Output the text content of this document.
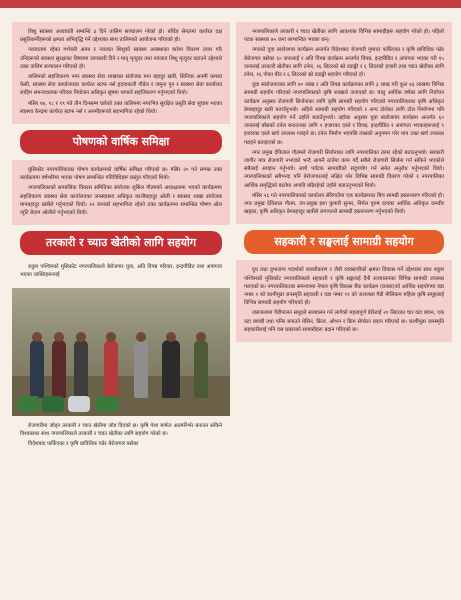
शिशु स्वास्थ्य अध्यावती सम्बन्धि ३ दिने तालिम सञ्चालन गरेको हो। बर्थिङ सेन्टरमा कार्यरत दक्ष प्रसुतिकर्मीहरूको क्षमता अभिवृद्धि गर्ने उद्देश्यका साथ तालिमको आयोजना गरिएको हो।

नवजातमा रहेका गर्भवती आमा र नवजात शिशुको स्वास्थ्य अवस्थाका बारेमा विवरण तयार गरि उनिहरूको स्वास्थ्य सुरक्षाका विषयमा जानकारी दिने र मातृ मृत्युदर तथा नवजात शिशु मृत्युदर घटाउने उद्देश्यले उक्त तालिम सञ्चालन गरिएको हो।

तालिमको सहजिकरण नगर स्वास्थ्य सेवा शाखाका संयोजक मान बहादुर खत्री, सिनियर अनमी कमला केसी, स्वास्थ्य सेवा कार्यालयका कार्यरत स्टाफ नर्स हृदयाकली गौडेल र जमुना पुन र स्वास्थ्य सेवा कार्यालय लाहिम समन्वयात्मक परिवार नियोजन अधिकृत सुषमा थापाले सहजिकरण गर्नुभएको थियो।

मंसिर १७, १८ र १९ गते तीन दिनसम्म चलेको उक्त तालिममा नगरभित्र सुरक्षित प्रसूति सेवा सुचारु भएका स्वास्थ्य केन्द्रमा कार्यरत स्टाफ नर्स र अनमीहरूको सहभागिता रहेको थियो।

पोषणको वार्षिक समिक्षा

मुसिकोट नगरपालिकाका पोषण कार्यक्रमको वार्षिक समिक्षा गरिएको छ। मंसिर २० गते सम्पन्न उक्त कार्यक्रममा वर्षभरिमा भएका पोषण सम्बन्धित गतिविधिहरू प्रस्तुत गरिएको थियो।

नगरपालिकाको सामाजिक विकास समितिका संयोजक शुसिल गौतमको अध्यक्षतामा भएको कार्यक्रममा सहजिकरण स्वास्थ्य सेवा कार्यालयका जनस्वास्थ्य अधिकृत कालीबहादुर ओली र स्वास्थ्य शाखा संयोजक मानबहादुर खत्रीले गर्नुभएको थियो। २२ जनाको सहभागिता रहेको उक्त कार्यक्रममा सम्बन्धित पोषण ओल न्युटि बेदाम ओलीले गर्नुभएको थियो।

तरकारी र च्याउ खेतीको लागि सहयोग

रुकुम पश्चिमको मुसिकोट नगरपालिकाले बेरोजगार युवा, अति विपन्न परिवार, इन्द्रपीडित तथा अपांगता भएका व्यक्तिहरूलाई

रोजगारीमा जोड्न तरकारी र च्याउ खेतीमा जोड दिएको छ। कृषि पेशा मार्फत आत्मनिर्भर बनाउन सकिने विश्वासका साथ नगरपालिकाले तरकारी र च्याउ खेतीका लागि सहयोग गरेको छ।

विदेशबाट फर्किएका र कृषि प्राविधिक पढेर बेरोजगार बसेका

नगरपालिकाले तरकारी र च्याउ खेतीका लागि आवश्यक विभिन्न सामाग्रीहरू सहयोग गरेको हो। पहिलो पटक स्वस्थ्यर ७५ जना लाभान्वित भएका छन्।

नगरको युवा स्वरोजगार कार्यक्रम अन्तर्गत विदेशबाट रोजगारी गुमाएर फर्किएका र कृषि प्राविधिक पढेर बेरोजगार बसेका ६० जनालाई र अति विपन्न कार्यक्रम अन्तर्गत विपन्न, इन्द्रपीडित र अपांगता भएका गरी १५ जनालाई तरकारी खेतीका लागि टनेल, १६ लिटरको स्प्रे ट्याङ्की र ६ लिटरको हजारी तथा च्याउ खेतीका लागि टनेल, १६ पोका बीउ र ६ लिटरको स्प्रे ट्याङ्की सहयोग गरिएको हो।

युवा स्वरोजगारका लागि ४० लाख र अति विपन्न कार्यक्रमका लागि ३ लाख गरी कुल ४३ लाखमा विभिन्न सामाग्री सहयोग गरिएको नगरपालिकाको कृषि शाखाले जनाएको छ। चालु आर्थिक वर्षका लागि निर्वाचन कार्यक्रम अनुसार रोजगारी सिर्जनाका लागि कृषि सामाग्री सहयोग गरिएको नगरपालिकाका कृषि अधिकृत प्रेमबहादुर खत्री बताउँनुभयो। अहिले सामाग्री सहयोग गरिएको र अन्य टोलेका लागि टोल निर्माणमा पनि नगरपालिकाले सहयोग गर्ने उहाँले बताउँनुभयो। उहाँका अनुसार युवा स्वरोजगार कार्यक्रम अन्तर्गत ६० जनालाई बाँसको टनेल बनाउनका लागि ९ हजारका दरले र विपन्न, इन्द्रपीडित र अपांगता भएकाहरूलाई ९ हजारका दरले खर्च उपलब्ध गराइने छ। टनेल निर्माण भएपछि त्यसको अनुगमन गरेर मात्र उक्त खर्च उपलब्ध गराइने बताइएको छ।

नगर प्रमुख देविलाल गौतमले रोजगारी सिर्जनाका लागि नगरपालिका तत्पर रहेको बताउनुभयो। सरकारी जागीर मात्र रोजगारी नभएको भन्दै आफ्नै ठाउँमा काम गर्दै सबैले रोजगारी सिर्जना गर्न सकिने भएकोले सबैलाई आव्हान गर्नुभयो। साथै पर्यटक सामाग्रीको सदुपयोग गर्न समेत अनुरोध गर्नुभएको थियो। नगरपालिकाको सबैभन्दा पनि बेरोजगारलाई लक्षित गरेर विभिन्न सामाग्री वितरण गरेको र नगरपालिका आर्थिक समृद्धिको बाटोमा अगाडि बढिरहेको उहाँले बताउनुभएको थियो।

मंसिर २६ गते नगरपालिकाको कार्यालय सेरिगाउँमा एक कार्यक्रमका बिच सामग्री हस्तान्तरण गरिएको हो। नगर प्रमुख देविलाल गौतम, उप-प्रमुख इशा कुमारी सुनार, निर्मल पुरुष दायका आर्थिक अधिकृत जनवीर खड्का, कृषि अधिकृत प्रेमबहादुर खत्रीले लगायतले सामाग्री हस्तान्तरण गर्नुभएको थियो।

सहकारी र सङ्घलाई सामाग्री सहयोग

दुध तथा दुग्धजन्य पदार्थको बजारीकरण र जैवी व्यवसायीको क्षमता विकास गर्ने उद्देश्यका साथ रुकुम पश्चिमको मुसिकोट नगरपालिकाले सहकारी र कृषि सङ्घलाई दैनी सञ्चालनका विभिन्न सामाग्री उपलब्ध गराएको छ। नगरपालिकाका समन्वयमा नेपाल कृषि विकास बैंक कार्यक्रम (प्रवास)को आर्थिक सहयोगमा वडा नम्बर ९ को कामीमुडा जनस्मृति सहकारी र वडा नम्बर ११ को जलजला गैडी मौलिकम महिला कृषि समूहलाई विभिन्न सामाग्री सहयोग गरिएको हो।

जलजलामा गैडीपालन समूहले सञ्चालन गर्न लागेको महत्वपूर्ण डेरीलाई २० लिटरका चार वटा क्यान, एक वटा क्याबी तथा पनिर बनाउने मेसिन, फ्रिज, ओभन र फ्रिम सेपरेटर प्रदान गरिएको छ। कामीमुडा जनस्मृति सहकारीलाई पनि यस प्रकारको सामाग्रीहरू प्रदान गरिएको छ।
